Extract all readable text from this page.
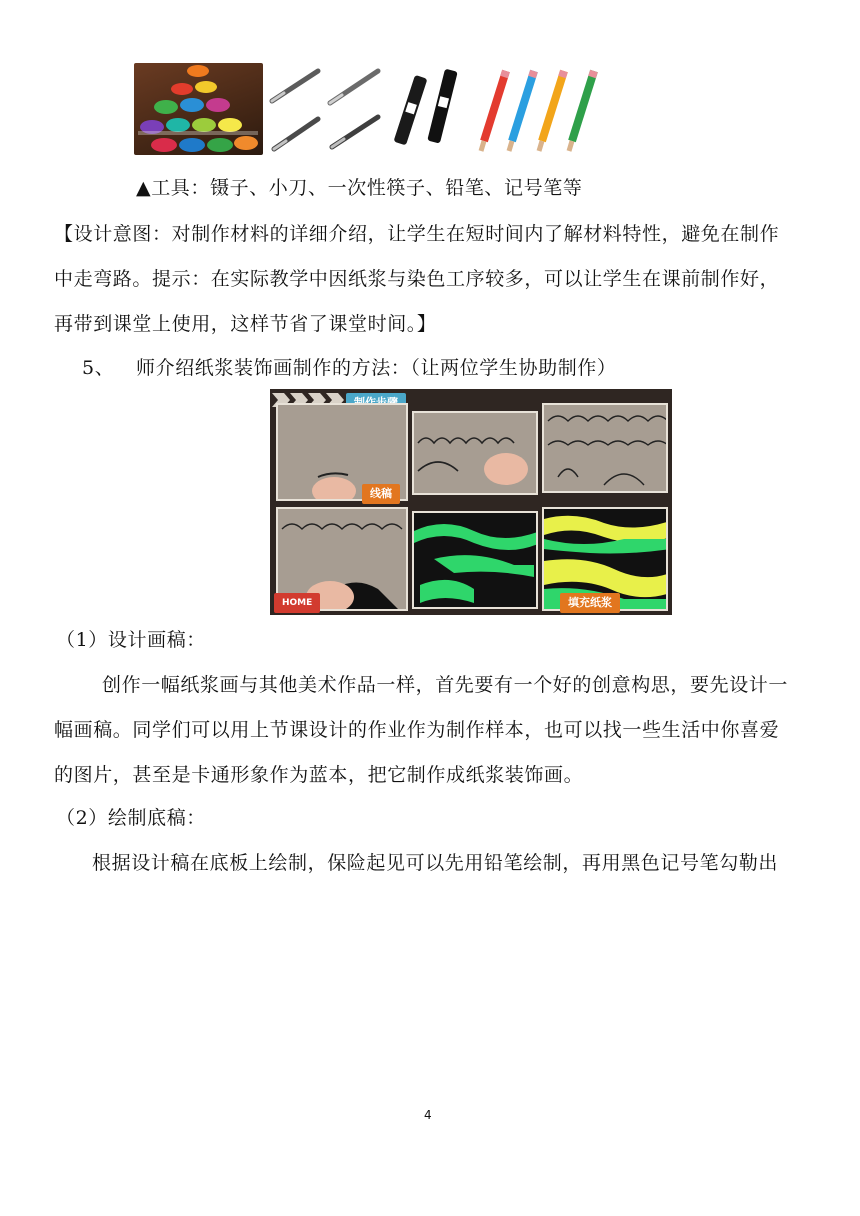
▲工具：镊子、小刀、一次性筷子、铅笔、记号笔等
【设计意图：对制作材料的详细介绍，让学生在短时间内了解材料特性，避免在制作
中走弯路。提示：在实际教学中因纸浆与染色工序较多，可以让学生在课前制作好，
再带到课堂上使用，这样节省了课堂时间。】
5、 师介绍纸浆装饰画制作的方法：（让两位学生协助制作）
线稿
HOME	填充纸浆
（1）设计画稿：
创作一幅纸浆画与其他美术作品一样，首先要有一个好的创意构思，要先设计一
幅画稿。同学们可以用上节课设计的作业作为制作样本，也可以找一些生活中你喜爱
的图片，甚至是卡通形象作为蓝本，把它制作成纸浆装饰画。
（2）绘制底稿：
根据设计稿在底板上绘制，保险起见可以先用铅笔绘制，再用黑色记号笔勾勒出
4
